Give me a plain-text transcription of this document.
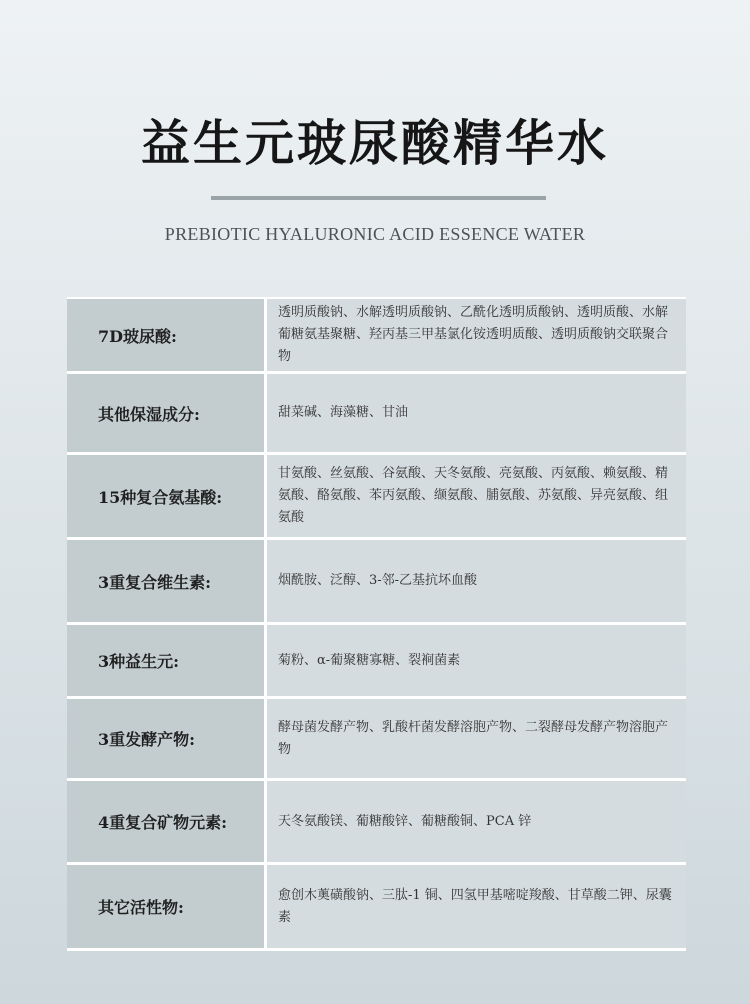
益生元玻尿酸精华水
PREBIOTIC HYALURONIC ACID ESSENCE WATER
7D玻尿酸:
透明质酸钠、水解透明质酸钠、乙酰化透明质酸钠、透明质酸、水解葡糖氨基聚糖、羟丙基三甲基氯化铵透明质酸、透明质酸钠交联聚合物
其他保湿成分:	甜菜碱、海藻糖、甘油
15种复合氨基酸:
甘氨酸、丝氨酸、谷氨酸、天冬氨酸、亮氨酸、丙氨酸、赖氨酸、精氨酸、酪氨酸、苯丙氨酸、缬氨酸、脯氨酸、苏氨酸、异亮氨酸、组氨酸
3重复合维生素:	烟酰胺、泛醇、3-邻-乙基抗坏血酸
3种益生元:	菊粉、α-葡聚糖寡糖、裂裥菌素
3重发酵产物:
酵母菌发酵产物、乳酸杆菌发酵溶胞产物、二裂酵母发酵产物溶胞产物
4重复合矿物元素:	天冬氨酸镁、葡糖酸锌、葡糖酸铜、PCA 锌
其它活性物:
愈创木薁磺酸钠、三肽-1 铜、四氢甲基嘧啶羧酸、甘草酸二钾、尿囊素
